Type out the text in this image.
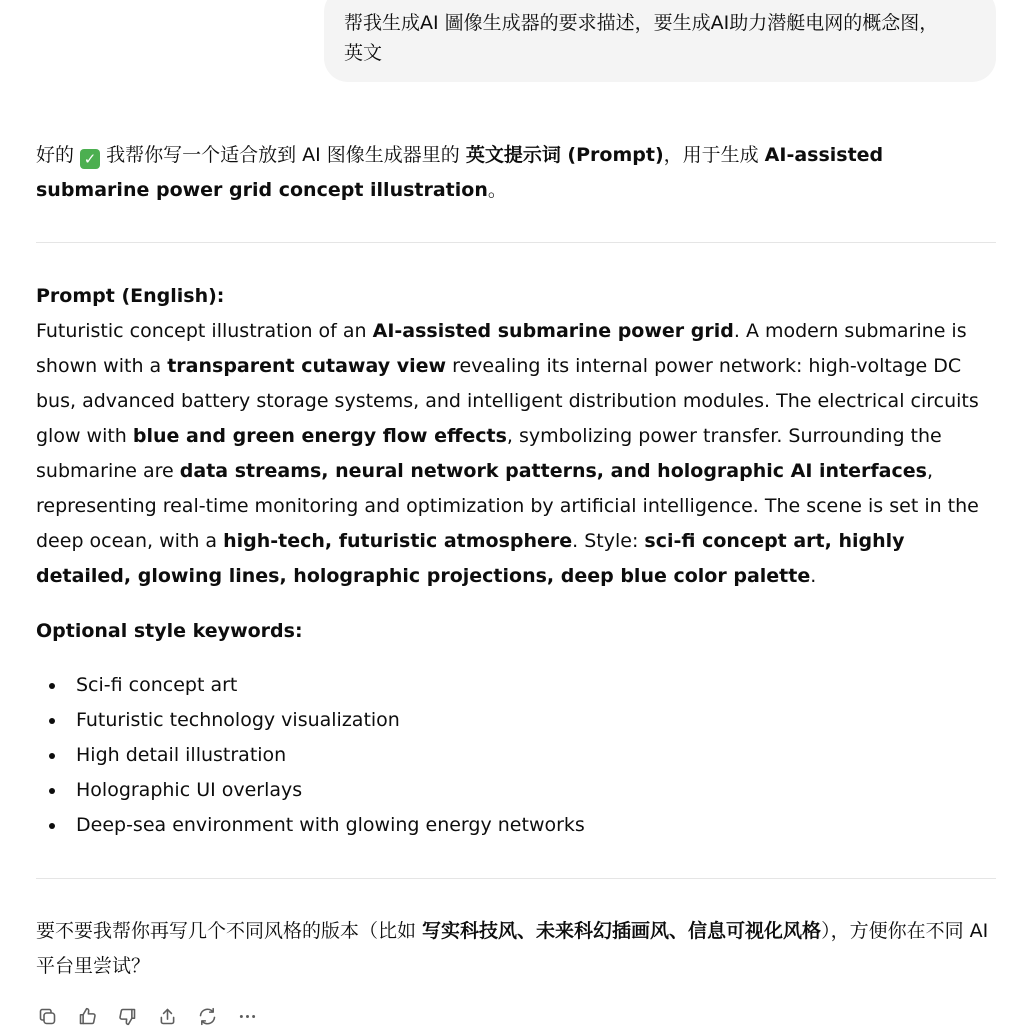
帮我生成AI 圖像生成器的要求描述，要生成AI助力潜艇电网的概念图，
英文

好的 ✓ 我帮你写一个适合放到 AI 图像生成器里的 英文提示词 (Prompt)，用于生成 AI-assisted submarine power grid concept illustration。

Prompt (English):

Futuristic concept illustration of an AI-assisted submarine power grid. A modern submarine is shown with a transparent cutaway view revealing its internal power network: high-voltage DC bus, advanced battery storage systems, and intelligent distribution modules. The electrical circuits glow with blue and green energy flow effects, symbolizing power transfer. Surrounding the submarine are data streams, neural network patterns, and holographic AI interfaces, representing real-time monitoring and optimization by artificial intelligence. The scene is set in the deep ocean, with a high-tech, futuristic atmosphere. Style: sci-fi concept art, highly detailed, glowing lines, holographic projections, deep blue color palette.

Optional style keywords:

Sci-fi concept art
Futuristic technology visualization
High detail illustration
Holographic UI overlays
Deep-sea environment with glowing energy networks

要不要我帮你再写几个不同风格的版本（比如 写实科技风、未来科幻插画风、信息可视化风格），方便你在不同 AI 平台里尝试？
